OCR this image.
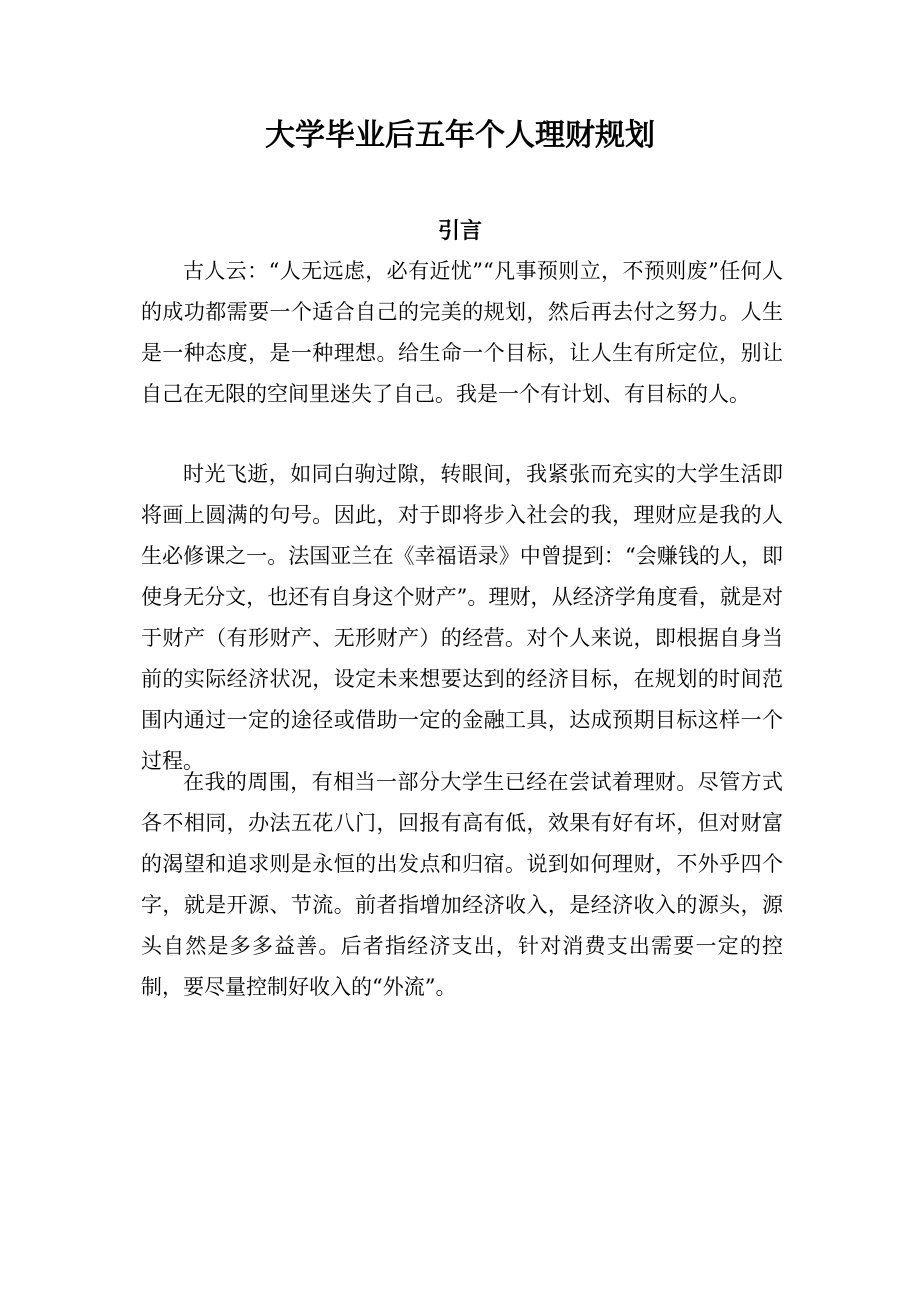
大学毕业后五年个人理财规划
引言

古人云：“人无远虑，必有近忧”“凡事预则立，不预则废”任何人的成功都需要一个适合自己的完美的规划，然后再去付之努力。人生是一种态度，是一种理想。给生命一个目标，让人生有所定位，别让自己在无限的空间里迷失了自己。我是一个有计划、有目标的人。

时光飞逝，如同白驹过隙，转眼间，我紧张而充实的大学生活即将画上圆满的句号。因此，对于即将步入社会的我，理财应是我的人生必修课之一。法国亚兰在《幸福语录》中曾提到：“会赚钱的人，即使身无分文，也还有自身这个财产”。理财，从经济学角度看，就是对于财产（有形财产、无形财产）的经营。对个人来说，即根据自身当前的实际经济状况，设定未来想要达到的经济目标，在规划的时间范围内通过一定的途径或借助一定的金融工具，达成预期目标这样一个过程。

在我的周围，有相当一部分大学生已经在尝试着理财。尽管方式各不相同，办法五花八门，回报有高有低，效果有好有坏，但对财富的渴望和追求则是永恒的出发点和归宿。说到如何理财，不外乎四个字，就是开源、节流。前者指增加经济收入，是经济收入的源头，源头自然是多多益善。后者指经济支出，针对消费支出需要一定的控制，要尽量控制好收入的“外流”。
